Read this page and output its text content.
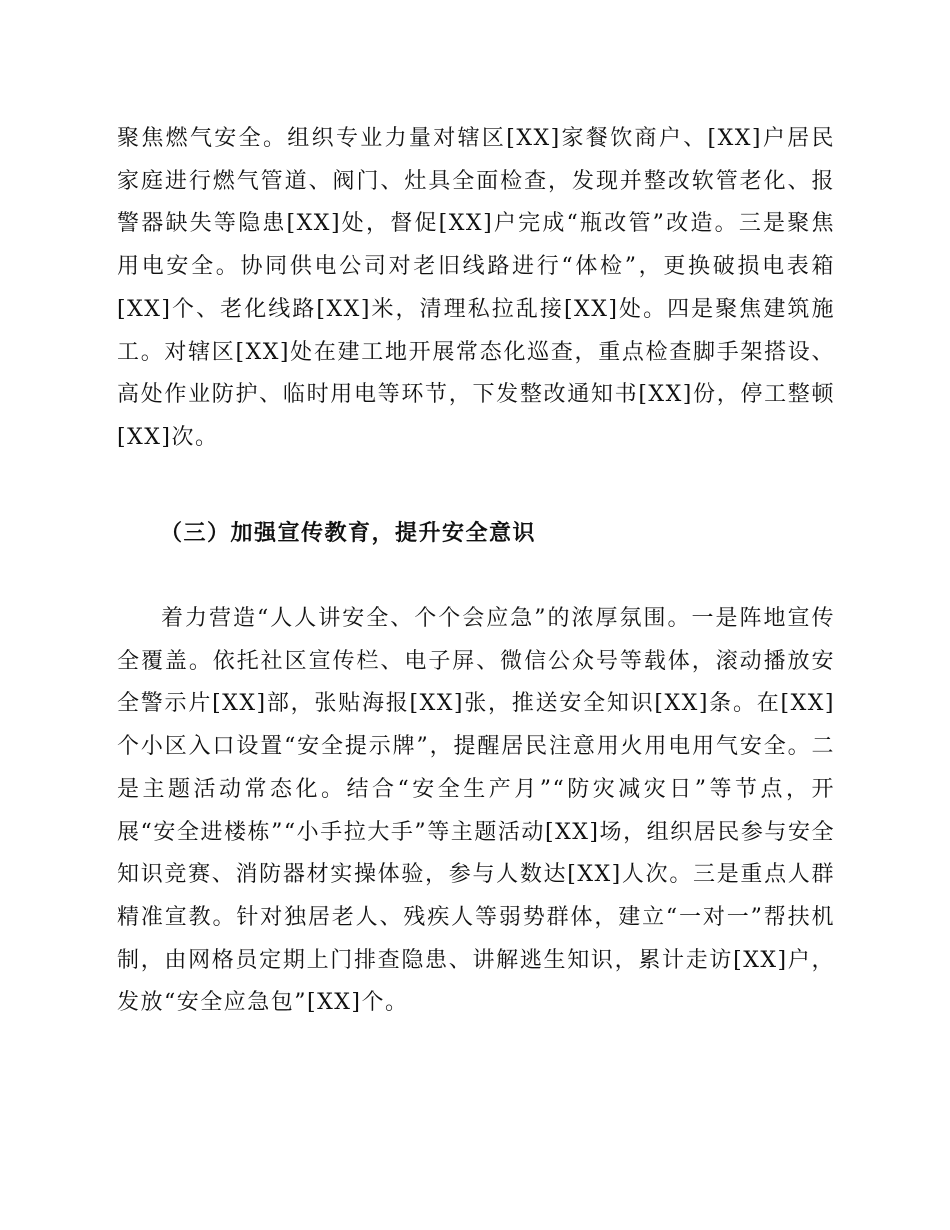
聚焦燃气安全。组织专业力量对辖区[XX]家餐饮商户、[XX]户居民家庭进行燃气管道、阀门、灶具全面检查，发现并整改软管老化、报警器缺失等隐患[XX]处，督促[XX]户完成“瓶改管”改造。三是聚焦用电安全。协同供电公司对老旧线路进行“体检”，更换破损电表箱[XX]个、老化线路[XX]米，清理私拉乱接[XX]处。四是聚焦建筑施工。对辖区[XX]处在建工地开展常态化巡查，重点检查脚手架搭设、高处作业防护、临时用电等环节，下发整改通知书[XX]份，停工整顿[XX]次。

（三）加强宣传教育，提升安全意识

着力营造“人人讲安全、个个会应急”的浓厚氛围。一是阵地宣传全覆盖。依托社区宣传栏、电子屏、微信公众号等载体，滚动播放安全警示片[XX]部，张贴海报[XX]张，推送安全知识[XX]条。在[XX]个小区入口设置“安全提示牌”，提醒居民注意用火用电用气安全。二是主题活动常态化。结合“安全生产月”“防灾减灾日”等节点，开展“安全进楼栋”“小手拉大手”等主题活动[XX]场，组织居民参与安全知识竞赛、消防器材实操体验，参与人数达[XX]人次。三是重点人群精准宣教。针对独居老人、残疾人等弱势群体，建立“一对一”帮扶机制，由网格员定期上门排查隐患、讲解逃生知识，累计走访[XX]户，发放“安全应急包”[XX]个。
